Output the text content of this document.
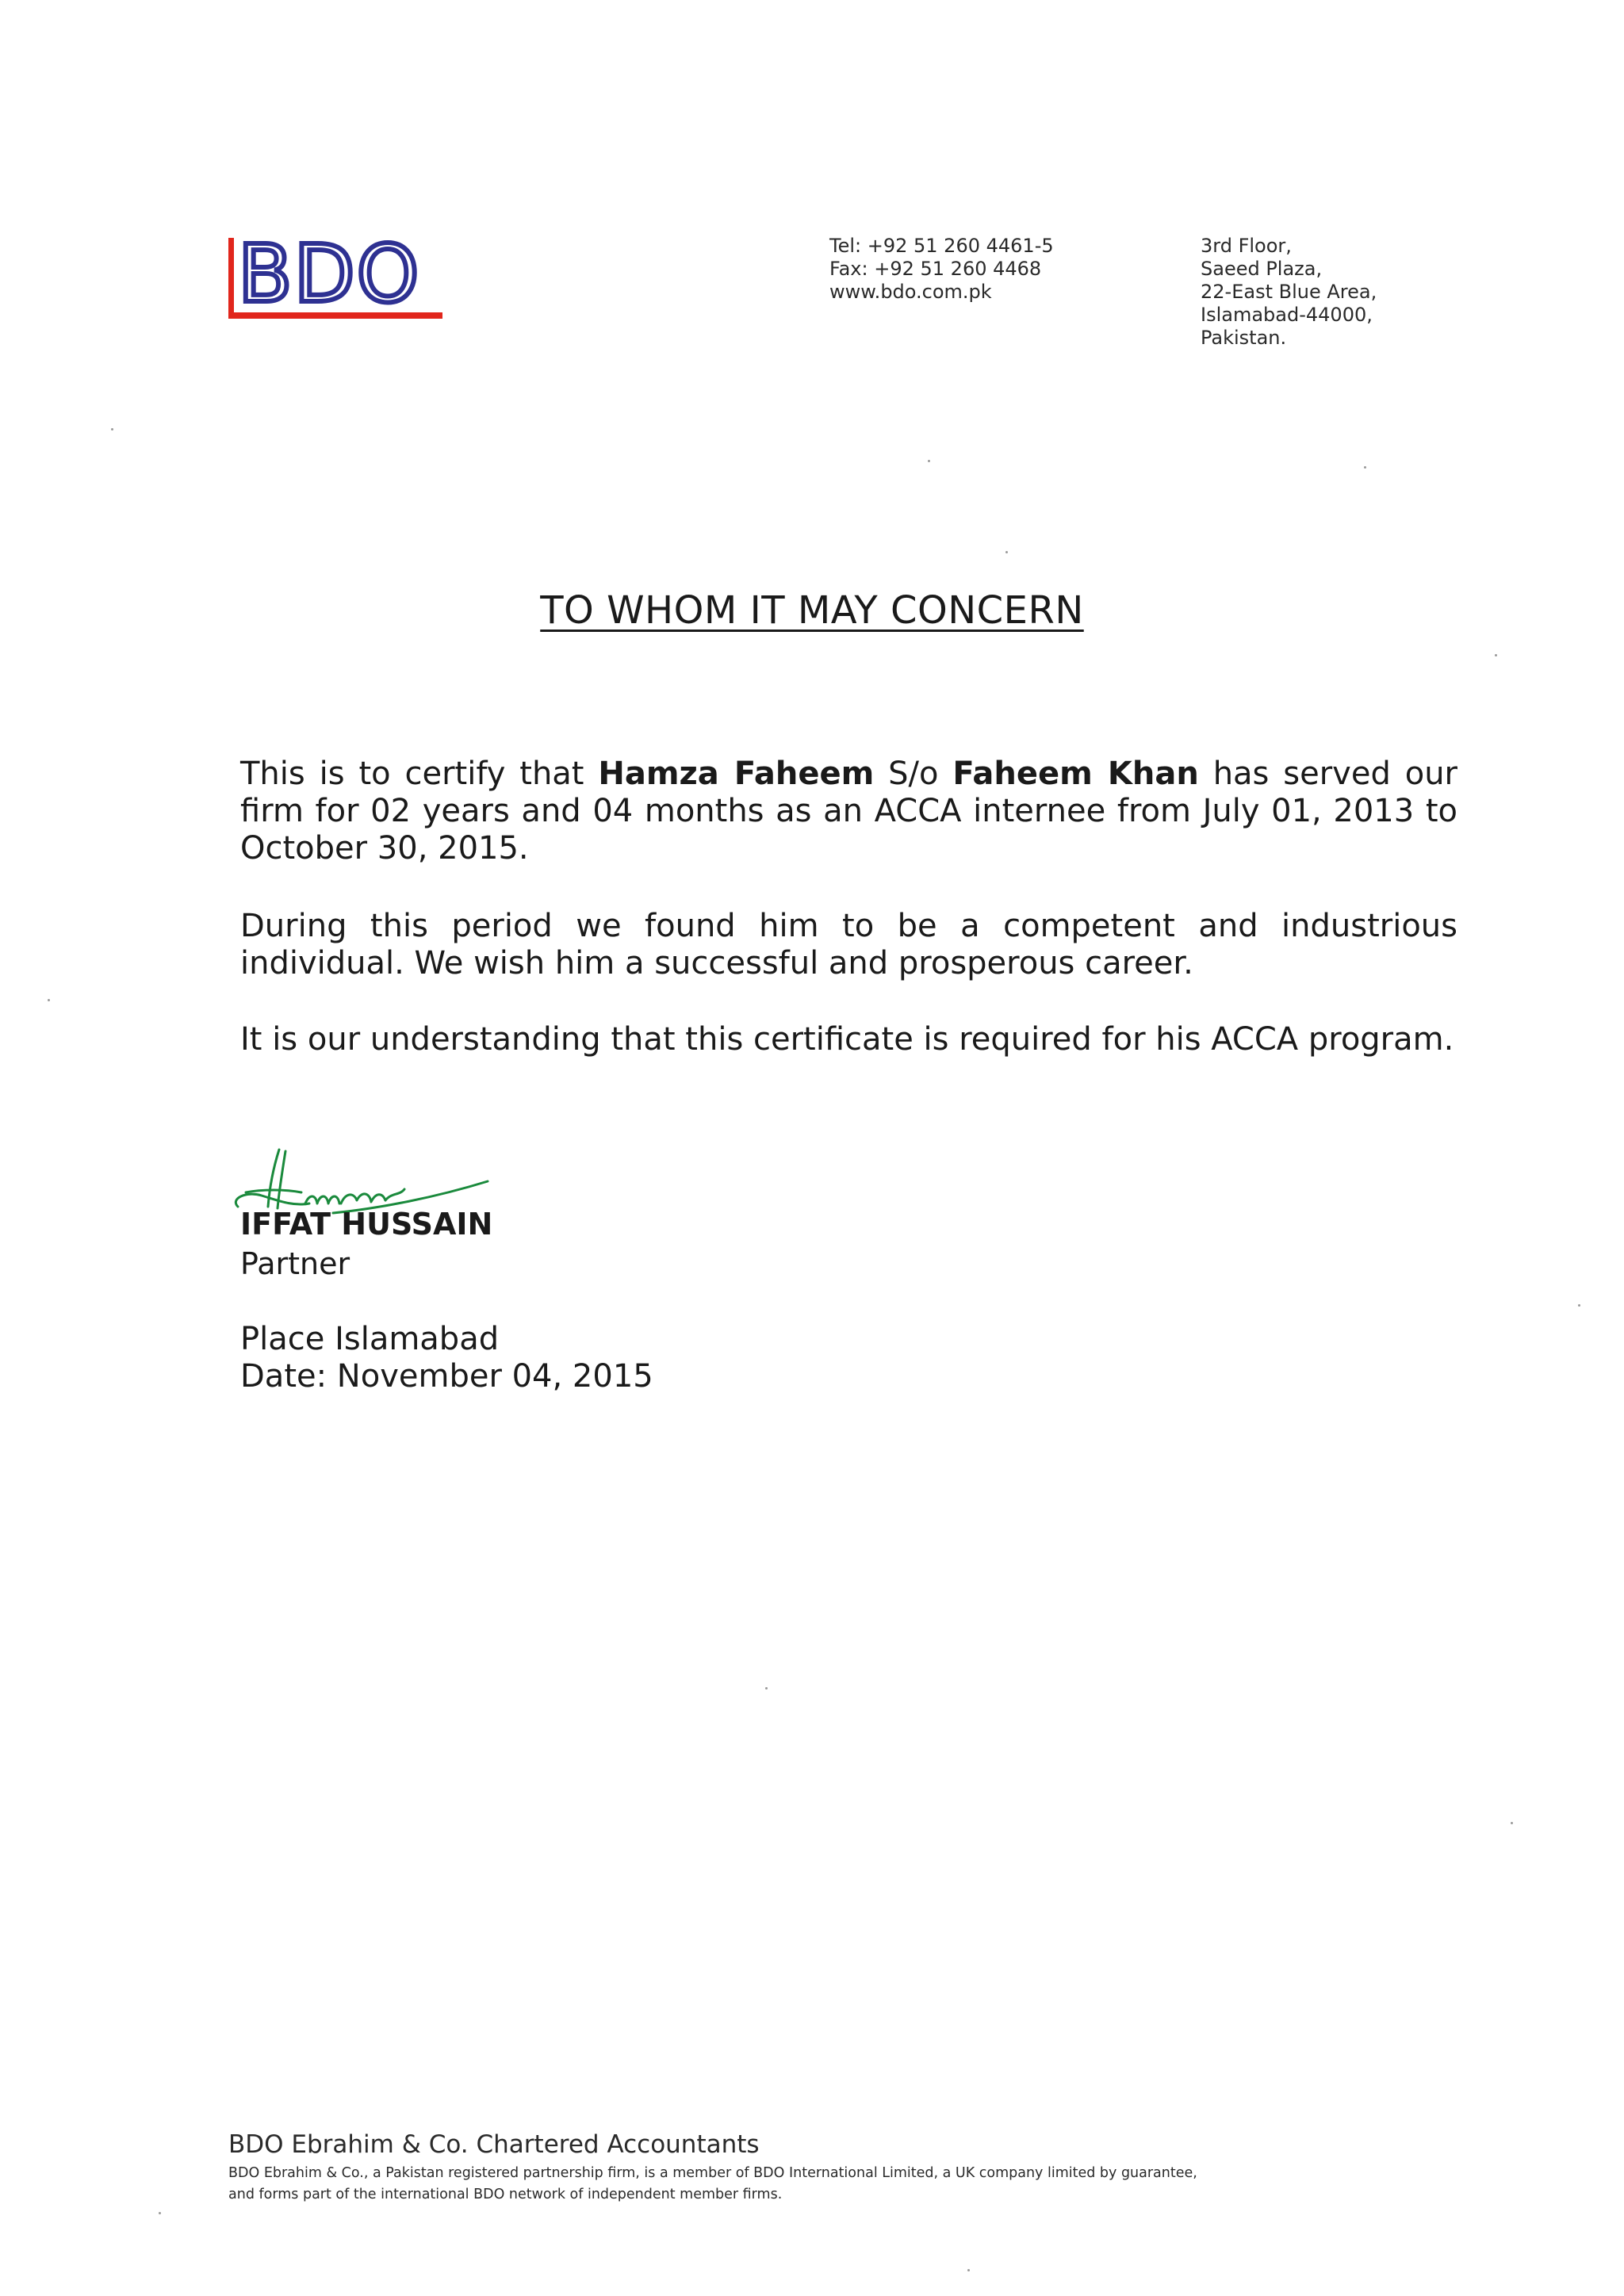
BDO	Tel: +92 51 260 4461-5
Fax: +92 51 260 4468
www.bdo.com.pk
3rd Floor,
Saeed Plaza,
22-East Blue Area,
Islamabad-44000,
Pakistan.
TO WHOM IT MAY CONCERN
This is to certify that Hamza Faheem S/o Faheem Khan has served our firm for 02 years and 04 months as an ACCA internee from July 01, 2013 to October 30, 2015.
During this period we found him to be a competent and industrious individual. We wish him a successful and prosperous career.
It is our understanding that this certificate is required for his ACCA program.
IFFAT HUSSAIN
Partner
Place Islamabad
Date: November 04, 2015
BDO Ebrahim & Co. Chartered Accountants
BDO Ebrahim & Co., a Pakistan registered partnership firm, is a member of BDO International Limited, a UK company limited by guarantee,
and forms part of the international BDO network of independent member firms.
